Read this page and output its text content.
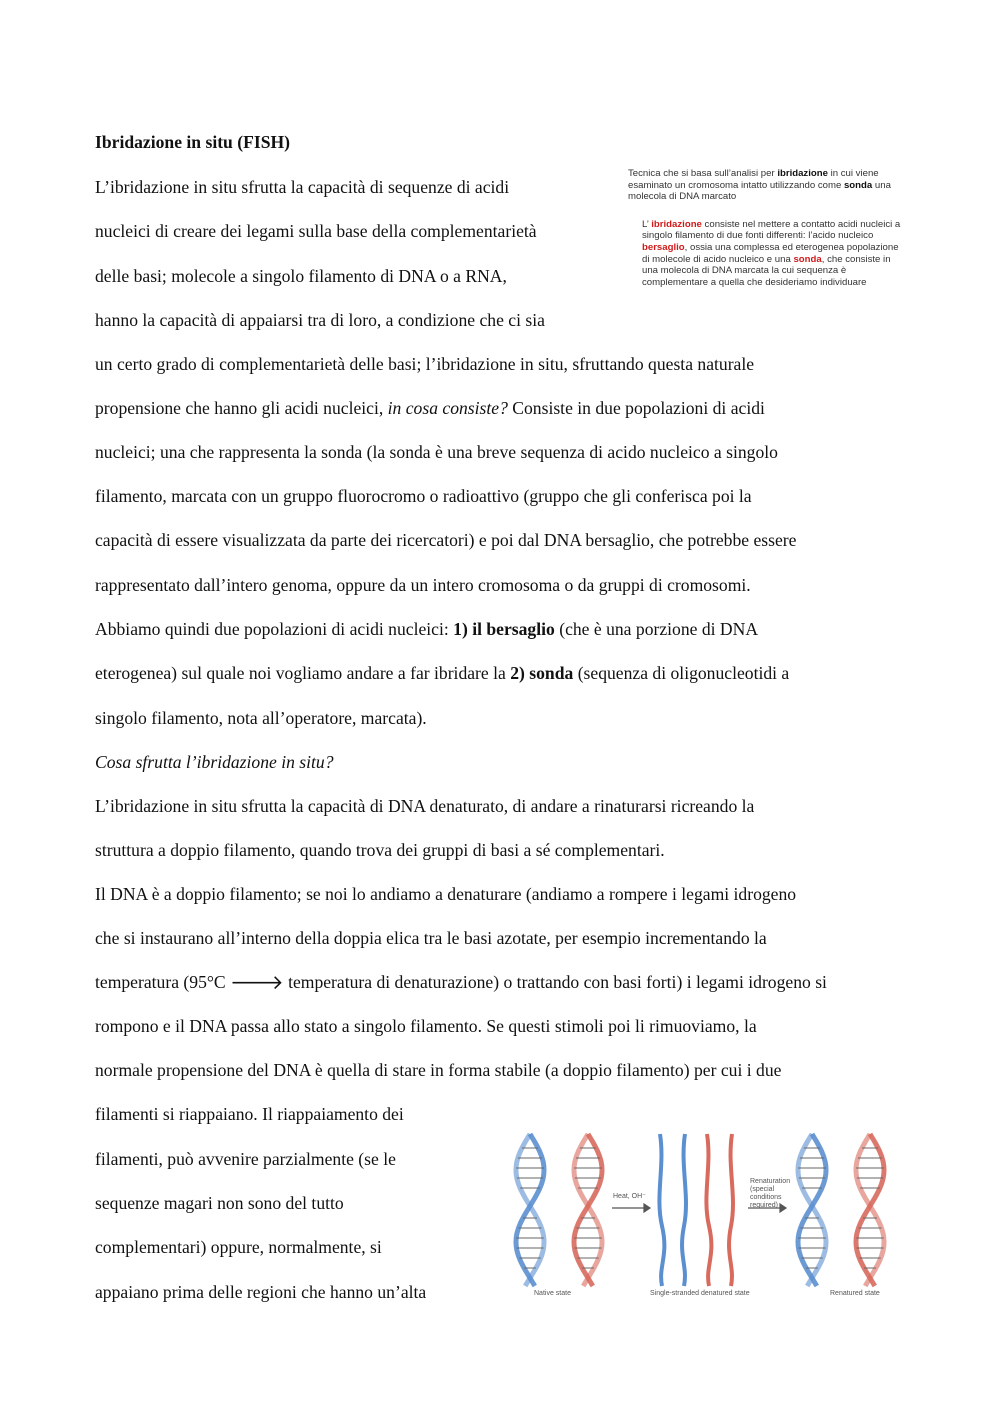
Ibridazione in situ (FISH)

Tecnica che si basa sull’analisi per ibridazione in cui viene esaminato un cromosoma intatto utilizzando come sonda una molecola di DNA marcato

L’ ibridazione consiste nel mettere a contatto acidi nucleici a singolo filamento di due fonti differenti: l’acido nucleico bersaglio, ossia una complessa ed eterogenea popolazione di molecole di acido nucleico e una sonda, che consiste in una molecola di DNA marcata la cui sequenza è complementare a quella che desideriamo individuare

L’ibridazione in situ sfrutta la capacità di sequenze di acidi
nucleici di creare dei legami sulla base della complementarietà
delle basi; molecole a singolo filamento di DNA o a RNA,
hanno la capacità di appaiarsi tra di loro, a condizione che ci sia
un certo grado di complementarietà delle basi; l’ibridazione in situ, sfruttando questa naturale
propensione che hanno gli acidi nucleici, in cosa consiste? Consiste in due popolazioni di acidi
nucleici; una che rappresenta la sonda (la sonda è una breve sequenza di acido nucleico a singolo
filamento, marcata con un gruppo fluorocromo o radioattivo (gruppo che gli conferisca poi la
capacità di essere visualizzata da parte dei ricercatori) e poi dal DNA bersaglio, che potrebbe essere
rappresentato dall’intero genoma, oppure da un intero cromosoma o da gruppi di cromosomi.
Abbiamo quindi due popolazioni di acidi nucleici: 1) il bersaglio (che è una porzione di DNA
eterogenea) sul quale noi vogliamo andare a far ibridare la 2) sonda (sequenza di oligonucleotidi a
singolo filamento, nota all’operatore, marcata).
Cosa sfrutta l’ibridazione in situ?
L’ibridazione in situ sfrutta la capacità di DNA denaturato, di andare a rinaturarsi ricreando la
struttura a doppio filamento, quando trova dei gruppi di basi a sé complementari.
Il DNA è a doppio filamento; se noi lo andiamo a denaturare (andiamo a rompere i legami idrogeno
che si instaurano all’interno della doppia elica tra le basi azotate, per esempio incrementando la
temperatura (95°C 🡒 temperatura di denaturazione) o trattando con basi forti) i legami idrogeno si
rompono e il DNA passa allo stato a singolo filamento. Se questi stimoli poi li rimuoviamo, la
normale propensione del DNA è quella di stare in forma stabile (a doppio filamento) per cui i due
filamenti si riappaiano. Il riappaiamento dei
filamenti, può avvenire parzialmente (se le
sequenze magari non sono del tutto
complementari) oppure, normalmente, si
appaiano prima delle regioni che hanno un’alta
Heat, OH⁻
Renaturation (special conditions required)
Native state	Single-stranded denatured state	Renatured state
